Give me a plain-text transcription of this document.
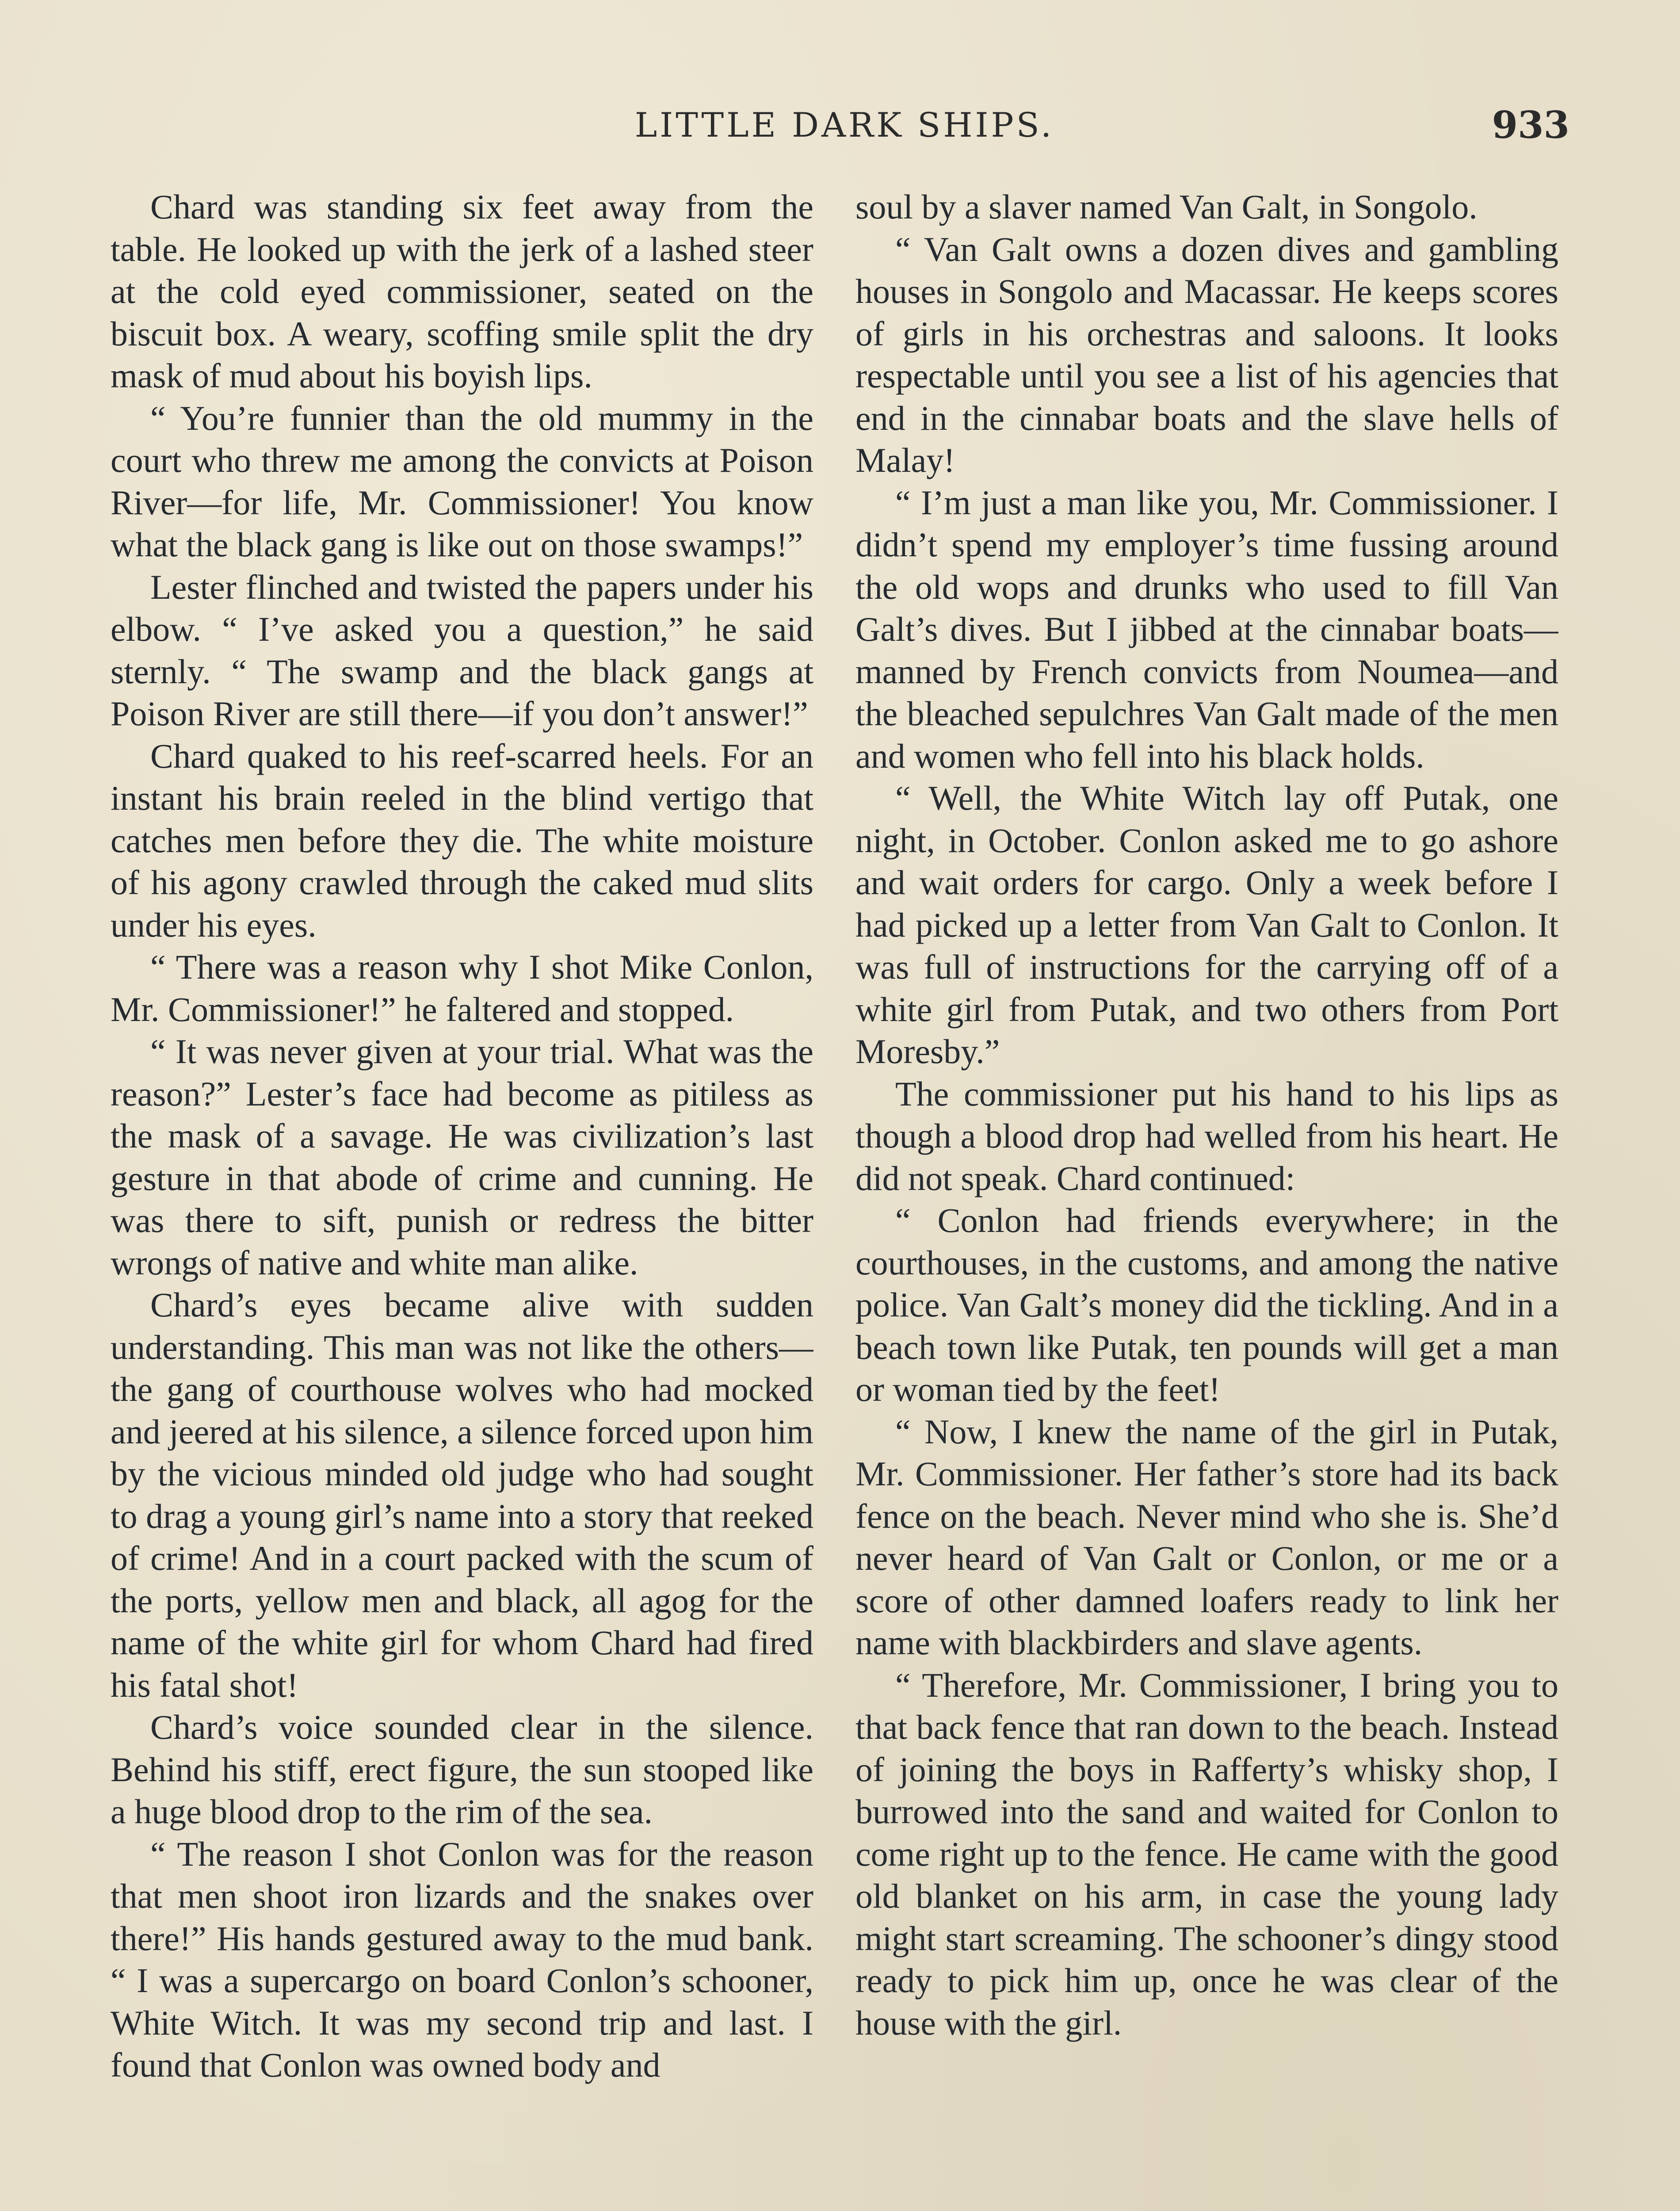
LITTLE DARK SHIPS.	933

Chard was standing six feet away from the table. He looked up with the jerk of a lashed steer at the cold eyed commissioner, seated on the biscuit box. A weary, scoffing smile split the dry mask of mud about his boyish lips.

“ You’re funnier than the old mummy in the court who threw me among the convicts at Poison River—for life, Mr. Commissioner! You know what the black gang is like out on those swamps!”

Lester flinched and twisted the papers under his elbow. “ I’ve asked you a question,” he said sternly. “ The swamp and the black gangs at Poison River are still there—if you don’t answer!”

Chard quaked to his reef-scarred heels. For an instant his brain reeled in the blind vertigo that catches men before they die. The white moisture of his agony crawled through the caked mud slits under his eyes.

“ There was a reason why I shot Mike Conlon, Mr. Commissioner!” he faltered and stopped.

“ It was never given at your trial. What was the reason?” Lester’s face had become as pitiless as the mask of a savage. He was civilization’s last gesture in that abode of crime and cunning. He was there to sift, punish or redress the bitter wrongs of native and white man alike.

Chard’s eyes became alive with sudden understanding. This man was not like the others—the gang of courthouse wolves who had mocked and jeered at his silence, a silence forced upon him by the vicious minded old judge who had sought to drag a young girl’s name into a story that reeked of crime! And in a court packed with the scum of the ports, yellow men and black, all agog for the name of the white girl for whom Chard had fired his fatal shot!

Chard’s voice sounded clear in the silence. Behind his stiff, erect figure, the sun stooped like a huge blood drop to the rim of the sea.

“ The reason I shot Conlon was for the reason that men shoot iron lizards and the snakes over there!” His hands gestured away to the mud bank. “ I was a supercargo on board Conlon’s schooner, White Witch. It was my second trip and last. I found that Conlon was owned body and

soul by a slaver named Van Galt, in Songolo.

“ Van Galt owns a dozen dives and gambling houses in Songolo and Macassar. He keeps scores of girls in his orchestras and saloons. It looks respectable until you see a list of his agencies that end in the cinnabar boats and the slave hells of Malay!

“ I’m just a man like you, Mr. Commissioner. I didn’t spend my employer’s time fussing around the old wops and drunks who used to fill Van Galt’s dives. But I jibbed at the cinnabar boats—manned by French convicts from Noumea—and the bleached sepulchres Van Galt made of the men and women who fell into his black holds.

“ Well, the White Witch lay off Putak, one night, in October. Conlon asked me to go ashore and wait orders for cargo. Only a week before I had picked up a letter from Van Galt to Conlon. It was full of instructions for the carrying off of a white girl from Putak, and two others from Port Moresby.”

The commissioner put his hand to his lips as though a blood drop had welled from his heart. He did not speak. Chard continued:

“ Conlon had friends everywhere; in the courthouses, in the customs, and among the native police. Van Galt’s money did the tickling. And in a beach town like Putak, ten pounds will get a man or woman tied by the feet!

“ Now, I knew the name of the girl in Putak, Mr. Commissioner. Her father’s store had its back fence on the beach. Never mind who she is. She’d never heard of Van Galt or Conlon, or me or a score of other damned loafers ready to link her name with blackbirders and slave agents.

“ Therefore, Mr. Commissioner, I bring you to that back fence that ran down to the beach. Instead of joining the boys in Rafferty’s whisky shop, I burrowed into the sand and waited for Conlon to come right up to the fence. He came with the good old blanket on his arm, in case the young lady might start screaming. The schooner’s dingy stood ready to pick him up, once he was clear of the house with the girl.
